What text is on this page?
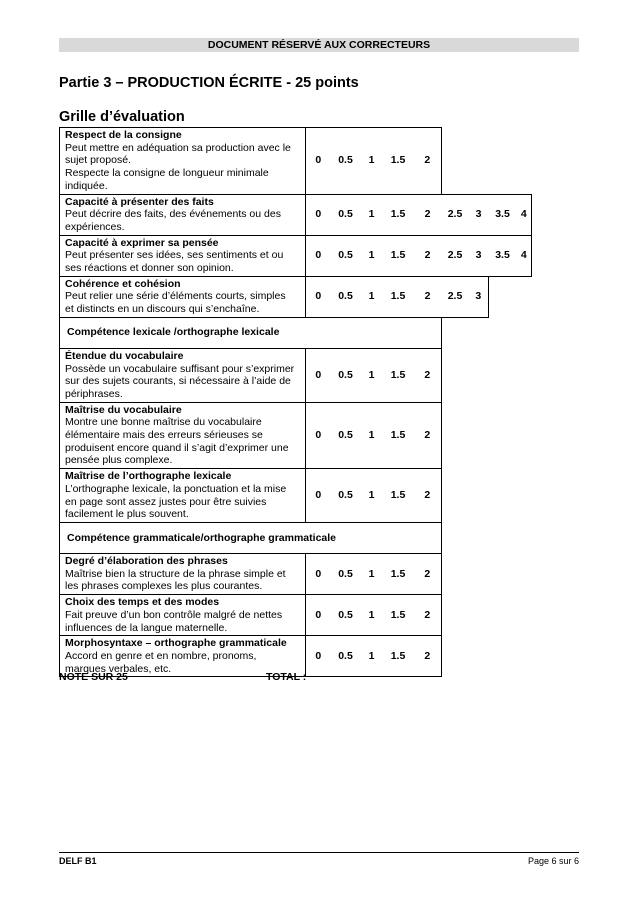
DOCUMENT RÉSERVÉ AUX CORRECTEURS
Partie 3 – PRODUCTION ÉCRITE - 25 points
Grille d’évaluation
Respect de la consigne
Peut mettre en adéquation sa production avec le
sujet proposé.
Respecte la consigne de longueur minimale
indiquée.	0	0.5	1	1.5	2				

Capacité à présenter des faits
Peut décrire des faits, des événements ou des
expériences.	0	0.5	1	1.5	2	2.5	3	3.5	4

Capacité à exprimer sa pensée
Peut présenter ses idées, ses sentiments et ou
ses réactions et donner son opinion.	0	0.5	1	1.5	2	2.5	3	3.5	4

Cohérence et cohésion
Peut relier une série d’éléments courts, simples
et distincts en un discours qui s’enchaîne.	0	0.5	1	1.5	2	2.5	3		
Compétence lexicale /orthographe lexicale									

Étendue du vocabulaire
Possède un vocabulaire suffisant pour s’exprimer
sur des sujets courants, si nécessaire à l’aide de
périphrases.	0	0.5	1	1.5	2				

Maîtrise du vocabulaire
Montre une bonne maîtrise du vocabulaire
élémentaire mais des erreurs sérieuses se
produisent encore quand il s’agit d’exprimer une
pensée plus complexe.	0	0.5	1	1.5	2				

Maîtrise de l’orthographe lexicale
L’orthographe lexicale, la ponctuation et la mise
en page sont assez justes pour être suivies
facilement le plus souvent.	0	0.5	1	1.5	2				
Compétence grammaticale/orthographe grammaticale									

Degré d’élaboration des phrases
Maîtrise bien la structure de la phrase simple et
les phrases complexes les plus courantes.	0	0.5	1	1.5	2				

Choix des temps et des modes
Fait preuve d’un bon contrôle malgré de nettes
influences de la langue maternelle.	0	0.5	1	1.5	2				

Morphosyntaxe – orthographe grammaticale
Accord en genre et en nombre, pronoms,
marques verbales, etc.	0	0.5	1	1.5	2				
NOTE SUR 25	TOTAL :
DELF B1	Page 6 sur 6
